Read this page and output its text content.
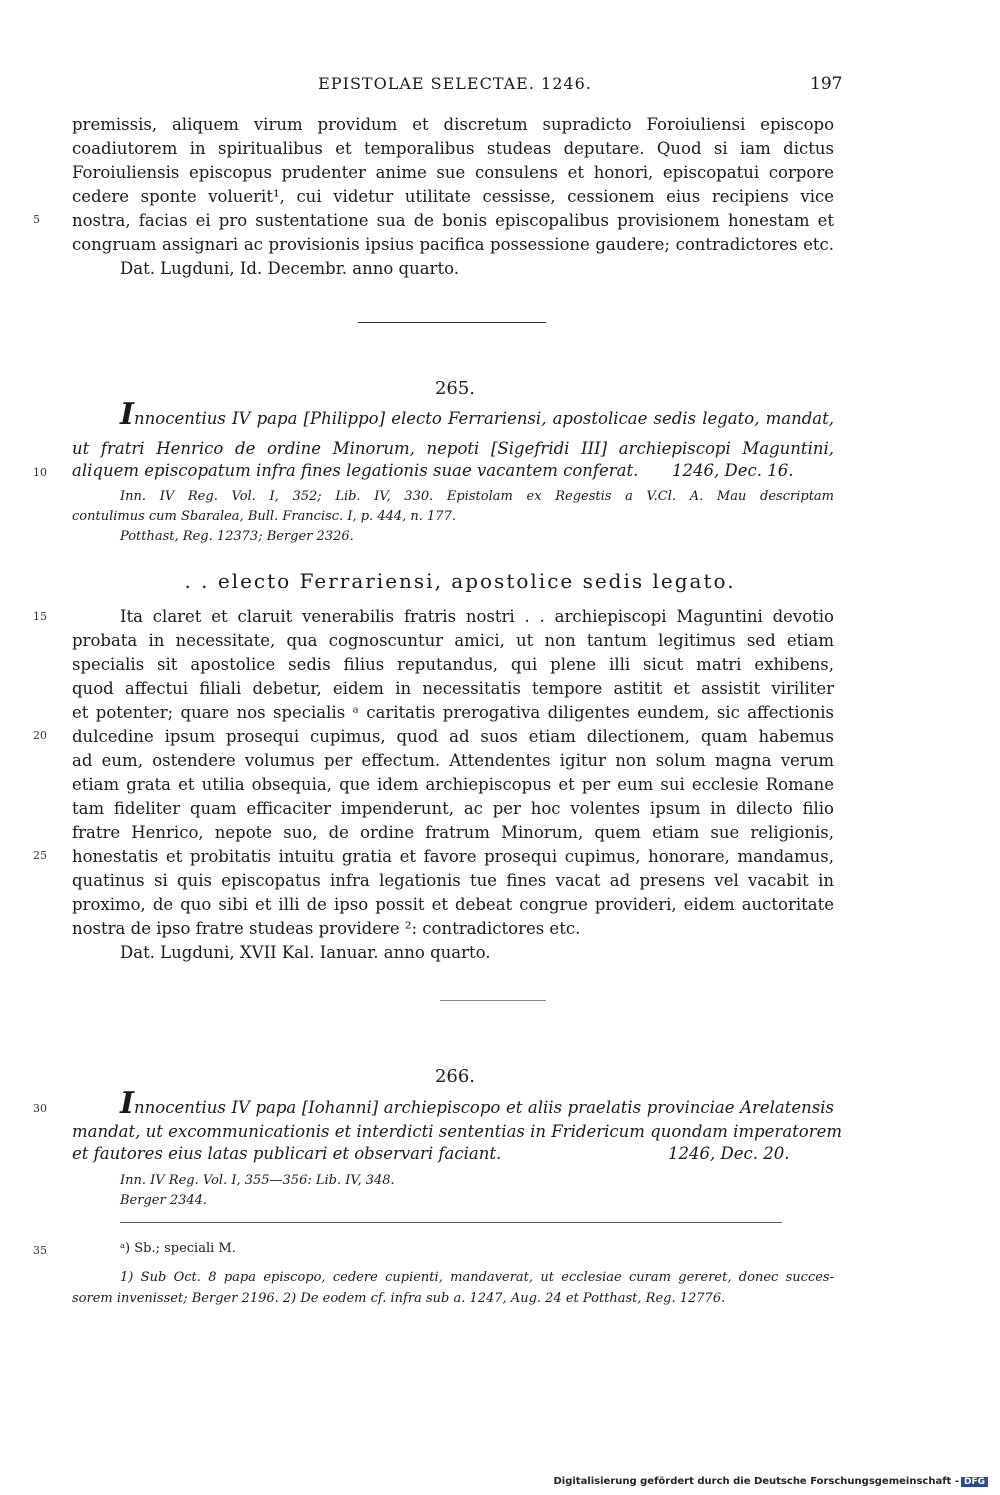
EPISTOLAE SELECTAE. 1246.	197
premissis, aliquem virum providum et discretum supradicto Foroiuliensi episcopo
coadiutorem in spiritualibus et temporalibus studeas deputare. Quod si iam dictus
Foroiuliensis episcopus prudenter anime sue consulens et honori, episcopatui corpore
cedere sponte voluerit¹, cui videtur utilitate cessisse, cessionem eius recipiens vice
5 nostra, facias ei pro sustentatione sua de bonis episcopalibus provisionem honestam et
congruam assignari ac provisionis ipsius pacifica possessione gaudere; contradictores etc.
Dat. Lugduni, Id. Decembr. anno quarto.
265.
Innocentius IV papa [Philippo] electo Ferrariensi, apostolicae sedis legato, mandat,
ut fratri Henrico de ordine Minorum, nepoti [Sigefridi III] archiepiscopi Maguntini,
10 aliquem episcopatum infra fines legationis suae vacantem conferat. 1246, Dec. 16.
Inn. IV Reg. Vol. I, 352; Lib. IV, 330. Epistolam ex Regestis a V.Cl. A. Mau descriptam
contulimus cum Sbaralea, Bull. Francisc. I, p. 444, n. 177.
Potthast, Reg. 12373; Berger 2326.
. . electo Ferrariensi, apostolice sedis legato.
15	Ita claret et claruit venerabilis fratris nostri . . archiepiscopi Maguntini devotio
probata in necessitate, qua cognoscuntur amici, ut non tantum legitimus sed etiam
specialis sit apostolice sedis filius reputandus, qui plene illi sicut matri exhibens,
quod affectui filiali debetur, eidem in necessitatis tempore astitit et assistit viriliter
et potenter; quare nos specialis ᵃ caritatis prerogativa diligentes eundem, sic affectionis
20 dulcedine ipsum prosequi cupimus, quod ad suos etiam dilectionem, quam habemus
ad eum, ostendere volumus per effectum. Attendentes igitur non solum magna verum
etiam grata et utilia obsequia, que idem archiepiscopus et per eum sui ecclesie Romane
tam fideliter quam efficaciter impenderunt, ac per hoc volentes ipsum in dilecto filio
fratre Henrico, nepote suo, de ordine fratrum Minorum, quem etiam sue religionis,
25 honestatis et probitatis intuitu gratia et favore prosequi cupimus, honorare, mandamus,
quatinus si quis episcopatus infra legationis tue fines vacat ad presens vel vacabit in
proximo, de quo sibi et illi de ipso possit et debeat congrue provideri, eidem auctoritate
nostra de ipso fratre studeas providere ²: contradictores etc.
Dat. Lugduni, XVII Kal. Ianuar. anno quarto.
266.
30 Innocentius IV papa [Iohanni] archiepiscopo et aliis praelatis provinciae Arelatensis
mandat, ut excommunicationis et interdicti sententias in Fridericum quondam imperatorem
et fautores eius latas publicari et observari faciant.	1246, Dec. 20.
Inn. IV Reg. Vol. I, 355—356: Lib. IV, 348.
Berger 2344.
35	ᵃ) Sb.; speciali M.
1) Sub Oct. 8 papa episcopo, cedere cupienti, mandaverat, ut ecclesiae curam gereret, donec succes-
sorem invenisset; Berger 2196. 2) De eodem cf. infra sub a. 1247, Aug. 24 et Potthast, Reg. 12776.
Digitalisierung gefördert durch die Deutsche Forschungsgemeinschaft - DFG
